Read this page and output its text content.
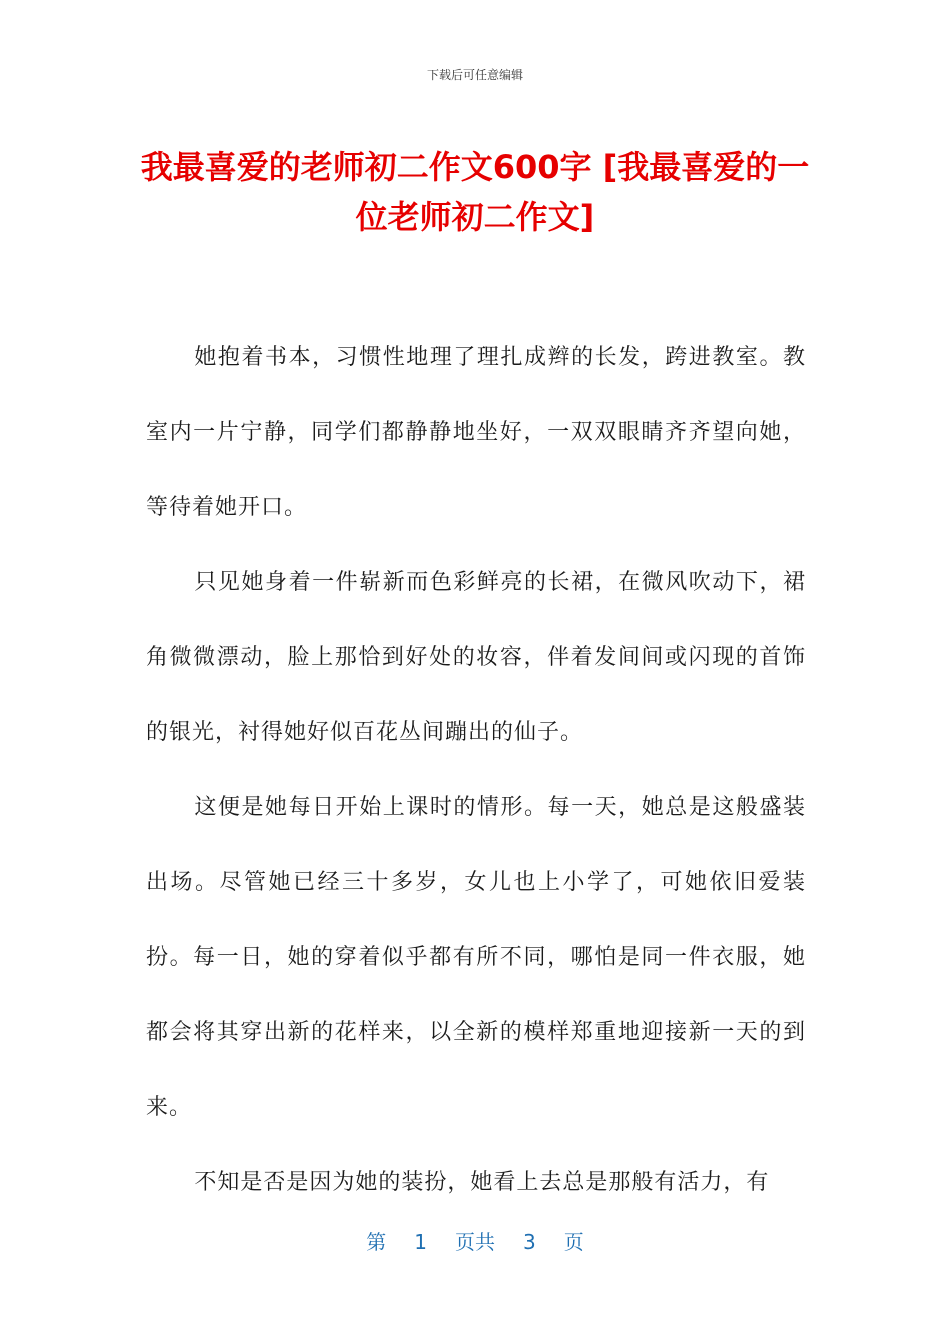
下载后可任意编辑
我最喜爱的老师初二作文600字 [我最喜爱的一位老师初二作文]

她抱着书本，习惯性地理了理扎成辫的长发，跨进教室。教室内一片宁静，同学们都静静地坐好，一双双眼睛齐齐望向她，等待着她开口。

只见她身着一件崭新而色彩鲜亮的长裙，在微风吹动下，裙角微微漂动，脸上那恰到好处的妆容，伴着发间间或闪现的首饰的银光，衬得她好似百花丛间蹦出的仙子。

这便是她每日开始上课时的情形。每一天，她总是这般盛装出场。尽管她已经三十多岁，女儿也上小学了，可她依旧爱装扮。每一日，她的穿着似乎都有所不同，哪怕是同一件衣服，她都会将其穿出新的花样来，以全新的模样郑重地迎接新一天的到来。

不知是否是因为她的装扮，她看上去总是那般有活力，有

第 1 页共 3 页
